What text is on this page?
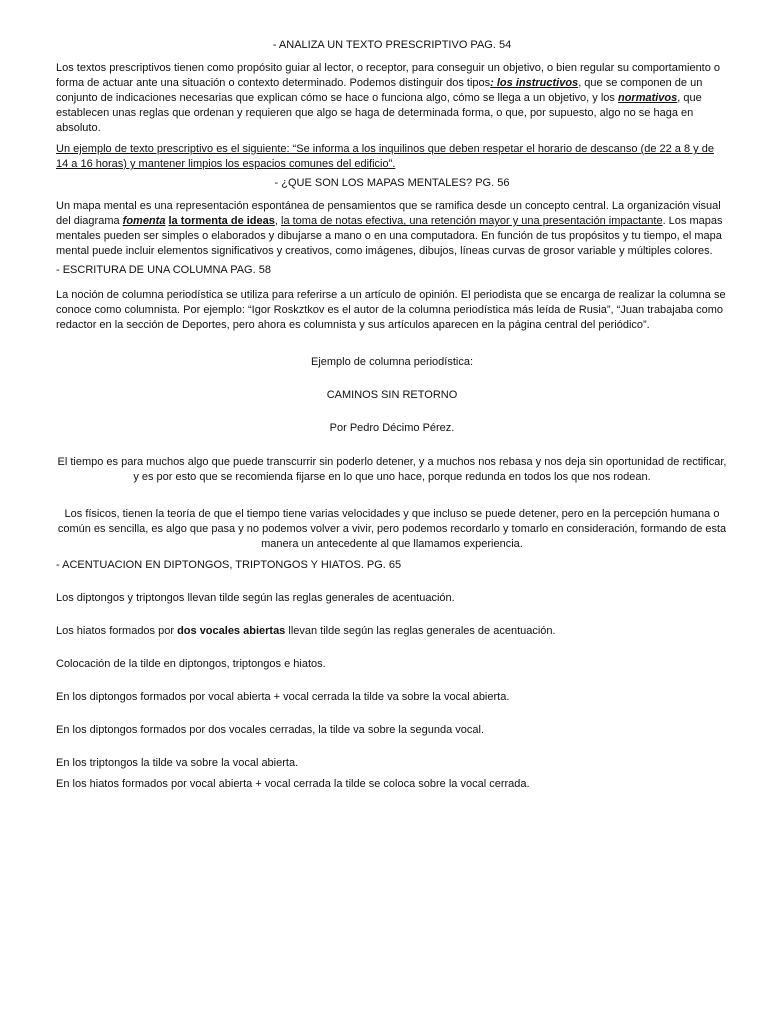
- ANALIZA UN TEXTO PRESCRIPTIVO PAG. 54

Los textos prescriptivos tienen como propósito guiar al lector, o receptor, para conseguir un objetivo, o bien regular su comportamiento o forma de actuar ante una situación o contexto determinado. Podemos distinguir dos tipos: los instructivos, que se componen de un conjunto de indicaciones necesarias que explican cómo se hace o funciona algo, cómo se llega a un objetivo, y los normativos, que establecen unas reglas que ordenan y requieren que algo se haga de determinada forma, o que, por supuesto, algo no se haga en absoluto.

Un ejemplo de texto prescriptivo es el siguiente: “Se informa a los inquilinos que deben respetar el horario de descanso (de 22 a 8 y de 14 a 16 horas) y mantener limpios los espacios comunes del edificio”.

- ¿QUE SON LOS MAPAS MENTALES? PG. 56

Un mapa mental es una representación espontánea de pensamientos que se ramifica desde un concepto central. La organización visual del diagrama fomenta la tormenta de ideas, la toma de notas efectiva, una retención mayor y una presentación impactante. Los mapas mentales pueden ser simples o elaborados y dibujarse a mano o en una computadora. En función de tus propósitos y tu tiempo, el mapa mental puede incluir elementos significativos y creativos, como imágenes, dibujos, líneas curvas de grosor variable y múltiples colores.

- ESCRITURA DE UNA COLUMNA PAG. 58

La noción de columna periodística se utiliza para referirse a un artículo de opinión. El periodista que se encarga de realizar la columna se conoce como columnista. Por ejemplo: “Igor Roskztkov es el autor de la columna periodística más leída de Rusia”, “Juan trabajaba como redactor en la sección de Deportes, pero ahora es columnista y sus artículos aparecen en la página central del periódico”.

Ejemplo de columna periodística:

CAMINOS SIN RETORNO

Por Pedro Décimo Pérez.

El tiempo es para muchos algo que puede transcurrir sin poderlo detener, y a muchos nos rebasa y nos deja sin oportunidad de rectificar, y es por esto que se recomienda fijarse en lo que uno hace, porque redunda en todos los que nos rodean.

Los físicos, tienen la teoría de que el tiempo tiene varias velocidades y que incluso se puede detener, pero en la percepción humana o común es sencilla, es algo que pasa y no podemos volver a vivir, pero podemos recordarlo y tomarlo en consideración, formando de esta manera un antecedente al que llamamos experiencia.

- ACENTUACION EN DIPTONGOS, TRIPTONGOS Y HIATOS. PG. 65

Los diptongos y triptongos llevan tilde según las reglas generales de acentuación.

Los hiatos formados por dos vocales abiertas llevan tilde según las reglas generales de acentuación.

Colocación de la tilde en diptongos, triptongos e hiatos.

En los diptongos formados por vocal abierta + vocal cerrada la tilde va sobre la vocal abierta.

En los diptongos formados por dos vocales cerradas, la tilde va sobre la segunda vocal.

En los triptongos la tilde va sobre la vocal abierta.

En los hiatos formados por vocal abierta + vocal cerrada la tilde se coloca sobre la vocal cerrada.
